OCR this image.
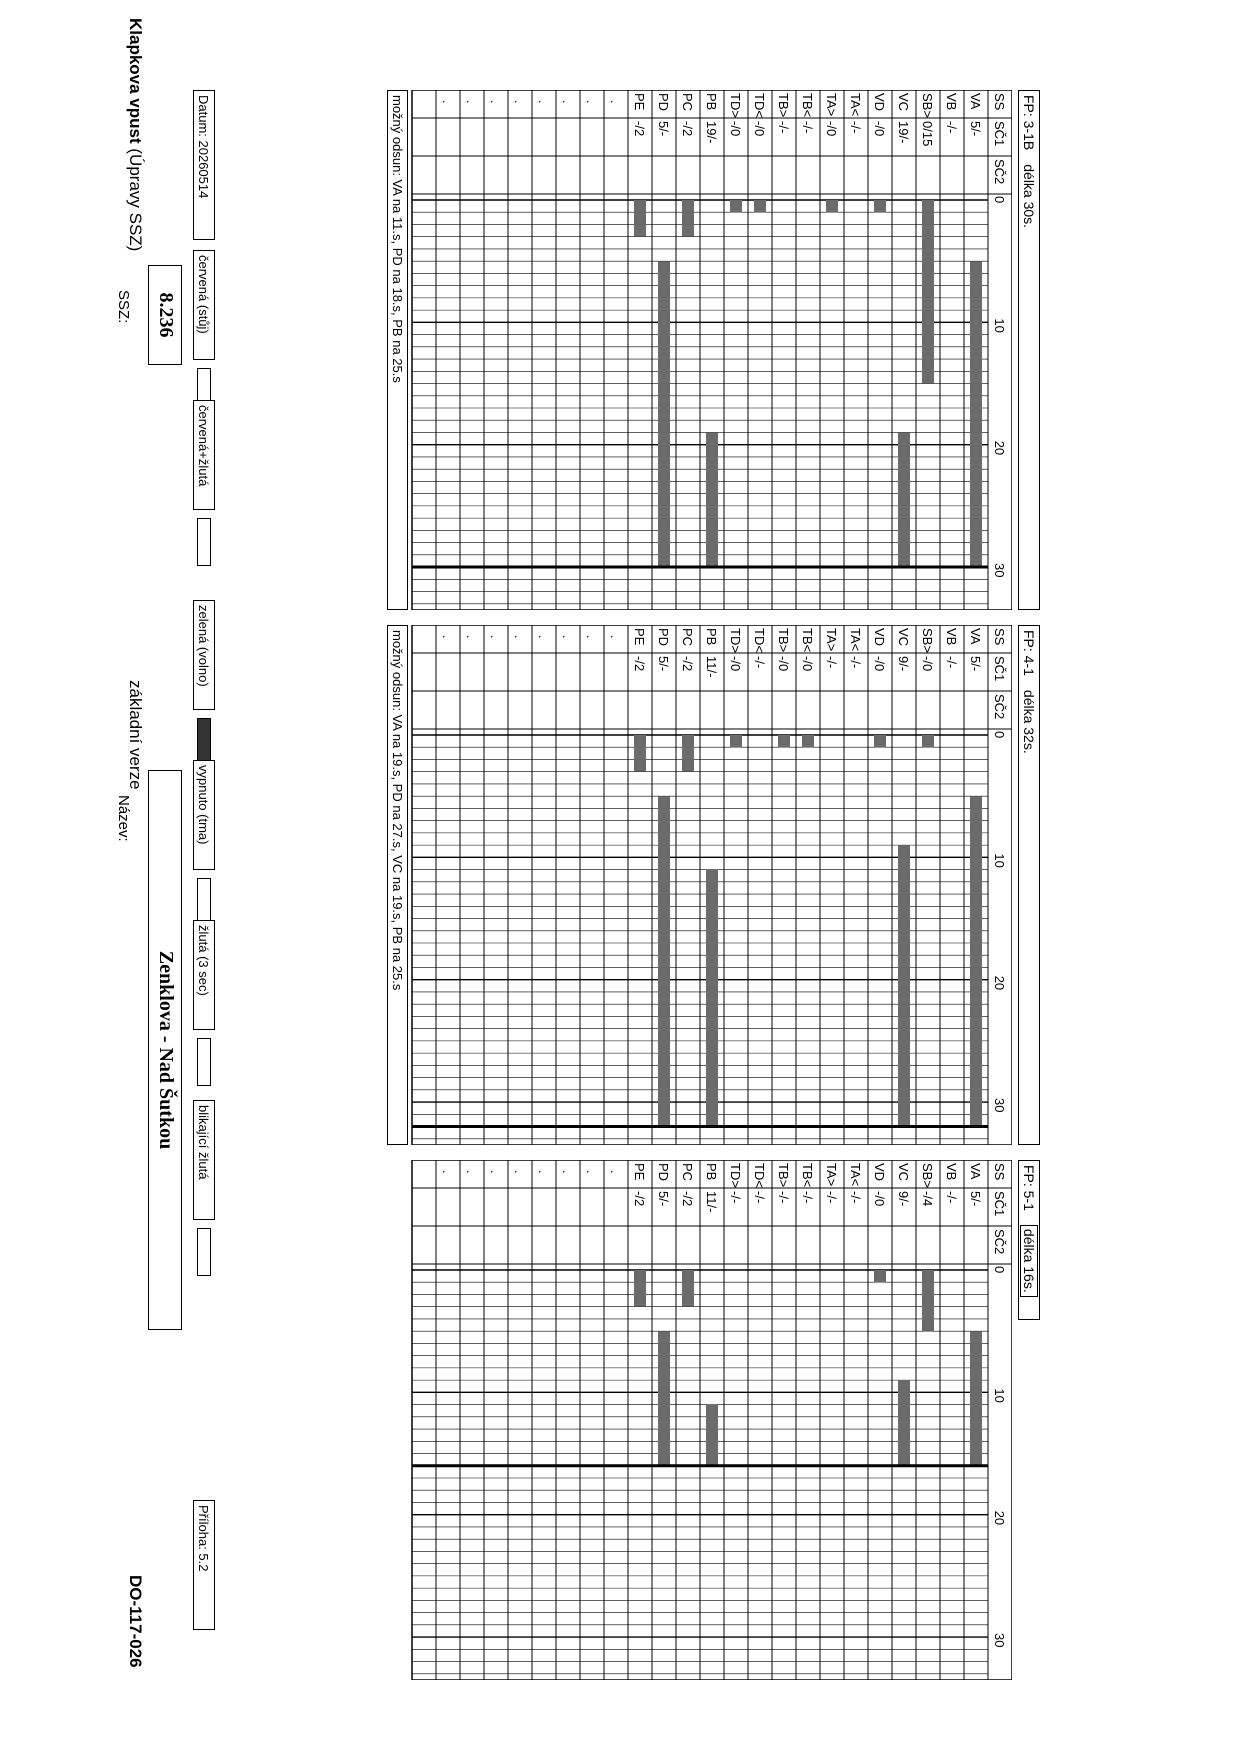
SSZ:	8.236
Název:
Zenklova - Nad Šutkou
FP: 3-1Bdélka 30s.
SS
SČ1
SČ2
0
10
20
30
VA
5/-
VB
-/-
SB>
0/15
VC
19/-
VD
-/0
TA<
-/-
TA>
-/0
TB<
-/-
TB>
-/-
TD<
-/0
TD>
-/0
PB
19/-
PC
-/2
PD
5/-
PE
-/2
.
.
.
.
.
.
.
.
možný odsun: VA na 11.s, PD na 18.s, PB na 25.s
FP: 4-1délka 32s.
SS
SČ1
SČ2
0
10
20
30
VA
5/-
VB
-/-
SB>
-/0
VC
9/-
VD
-/0
TA<
-/-
TA>
-/-
TB<
-/0
TB>
-/0
TD<
-/-
TD>
-/0
PB
11/-
PC
-/2
PD
5/-
PE
-/2
.
.
.
.
.
.
.
.
možný odsun: VA na 19.s, PD na 27.s, VC na 19.s, PB na 25.s
FP: 5-1délka 16s.
SS
SČ1
SČ2
0
10
20
30
VA
5/-
VB
-/-
SB>
-/4
VC
9/-
VD
-/0
TA<
-/-
TA>
-/-
TB<
-/-
TB>
-/-
TD<
-/-
TD>
-/-
PB
11/-
PC
-/2
PD
5/-
PE
-/2
.
.
.
.
.
.
.
.
Datum: 20260514
červená (stůj)
červená+žlutá
zelená (volno)
vypnuto (tma)
žlutá (3 sec)
blikající žlutá
Příloha: 5.2
Klapkova vpust (Úpravy SSZ)
základní verze
DO-117-026
